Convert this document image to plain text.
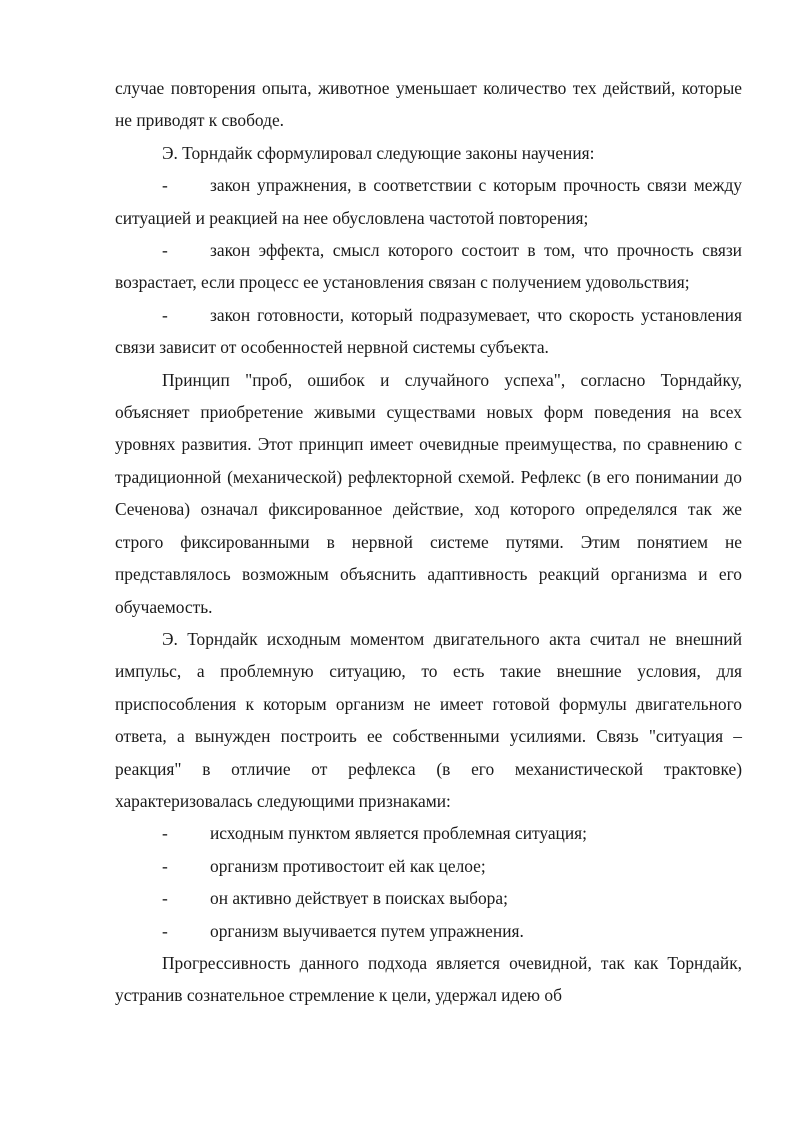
случае повторения опыта, животное уменьшает количество тех действий, которые не приводят к свободе.

Э. Торндайк сформулировал следующие законы научения:

- закон упражнения, в соответствии с которым прочность связи между ситуацией и реакцией на нее обусловлена частотой повторения;

- закон эффекта, смысл которого состоит в том, что прочность связи возрастает, если процесс ее установления связан с получением удовольствия;

- закон готовности, который подразумевает, что скорость установления связи зависит от особенностей нервной системы субъекта.

Принцип "проб, ошибок и случайного успеха", согласно Торндайку, объясняет приобретение живыми существами новых форм поведения на всех уровнях развития. Этот принцип имеет очевидные преимущества, по сравнению с традиционной (механической) рефлекторной схемой. Рефлекс (в его понимании до Сеченова) означал фиксированное действие, ход которого определялся так же строго фиксированными в нервной системе путями. Этим понятием не представлялось возможным объяснить адаптивность реакций организма и его обучаемость.

Э. Торндайк исходным моментом двигательного акта считал не внешний импульс, а проблемную ситуацию, то есть такие внешние условия, для приспособления к которым организм не имеет готовой формулы двигательного ответа, а вынужден построить ее собственными усилиями. Связь "ситуация – реакция" в отличие от рефлекса (в его механистической трактовке) характеризовалась следующими признаками:

- исходным пунктом является проблемная ситуация;

- организм противостоит ей как целое;

- он активно действует в поисках выбора;

- организм выучивается путем упражнения.

Прогрессивность данного подхода является очевидной, так как Торндайк, устранив сознательное стремление к цели, удержал идею об
